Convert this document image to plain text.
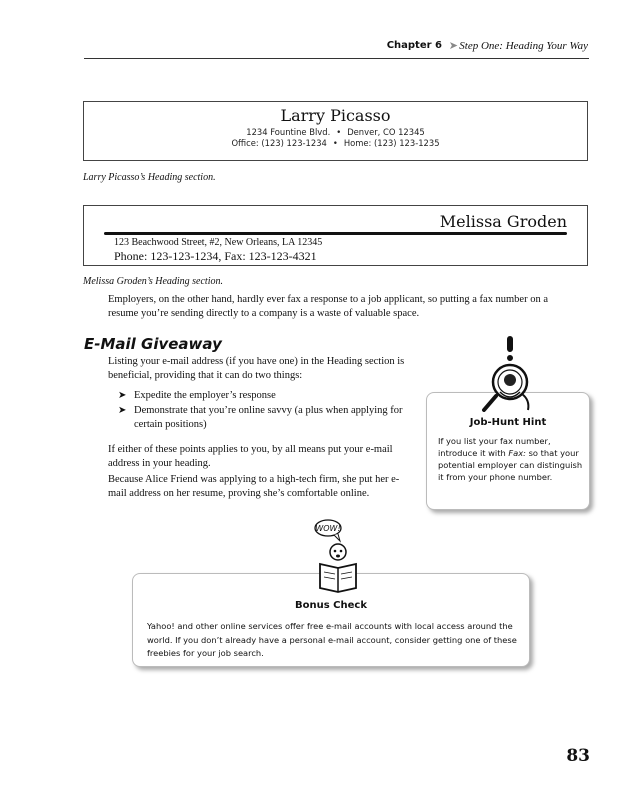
Chapter 6 ➤ Step One: Heading Your Way
Larry Picasso
1234 Fountine Blvd. • Denver, CO 12345
Office: (123) 123-1234 • Home: (123) 123-1235
Larry Picasso’s Heading section.
Melissa Groden
123 Beachwood Street, #2, New Orleans, LA 12345
Phone: 123-123-1234, Fax: 123-123-4321
Melissa Groden’s Heading section.
Employers, on the other hand, hardly ever fax a response to a job applicant, so putting a fax number on a resume you’re sending directly to a company is a waste of valuable space.
E-Mail Giveaway
Listing your e-mail address (if you have one) in the Heading section is beneficial, providing that it can do two things:
➤ Expedite the employer’s response
➤ Demonstrate that you’re online savvy (a plus when applying for certain positions)
If either of these points applies to you, by all means put your e-mail address in your heading.
Because Alice Friend was applying to a high-tech firm, she put her e-mail address on her resume, proving she’s comfortable online.
Job-Hunt Hint
If you list your fax number, introduce it with Fax: so that your potential employer can distinguish it from your phone number.
Bonus Check
Yahoo! and other online services offer free e-mail accounts with local access around the world. If you don’t already have a personal e-mail account, consider getting one of these freebies for your job search.
WOW!
83
